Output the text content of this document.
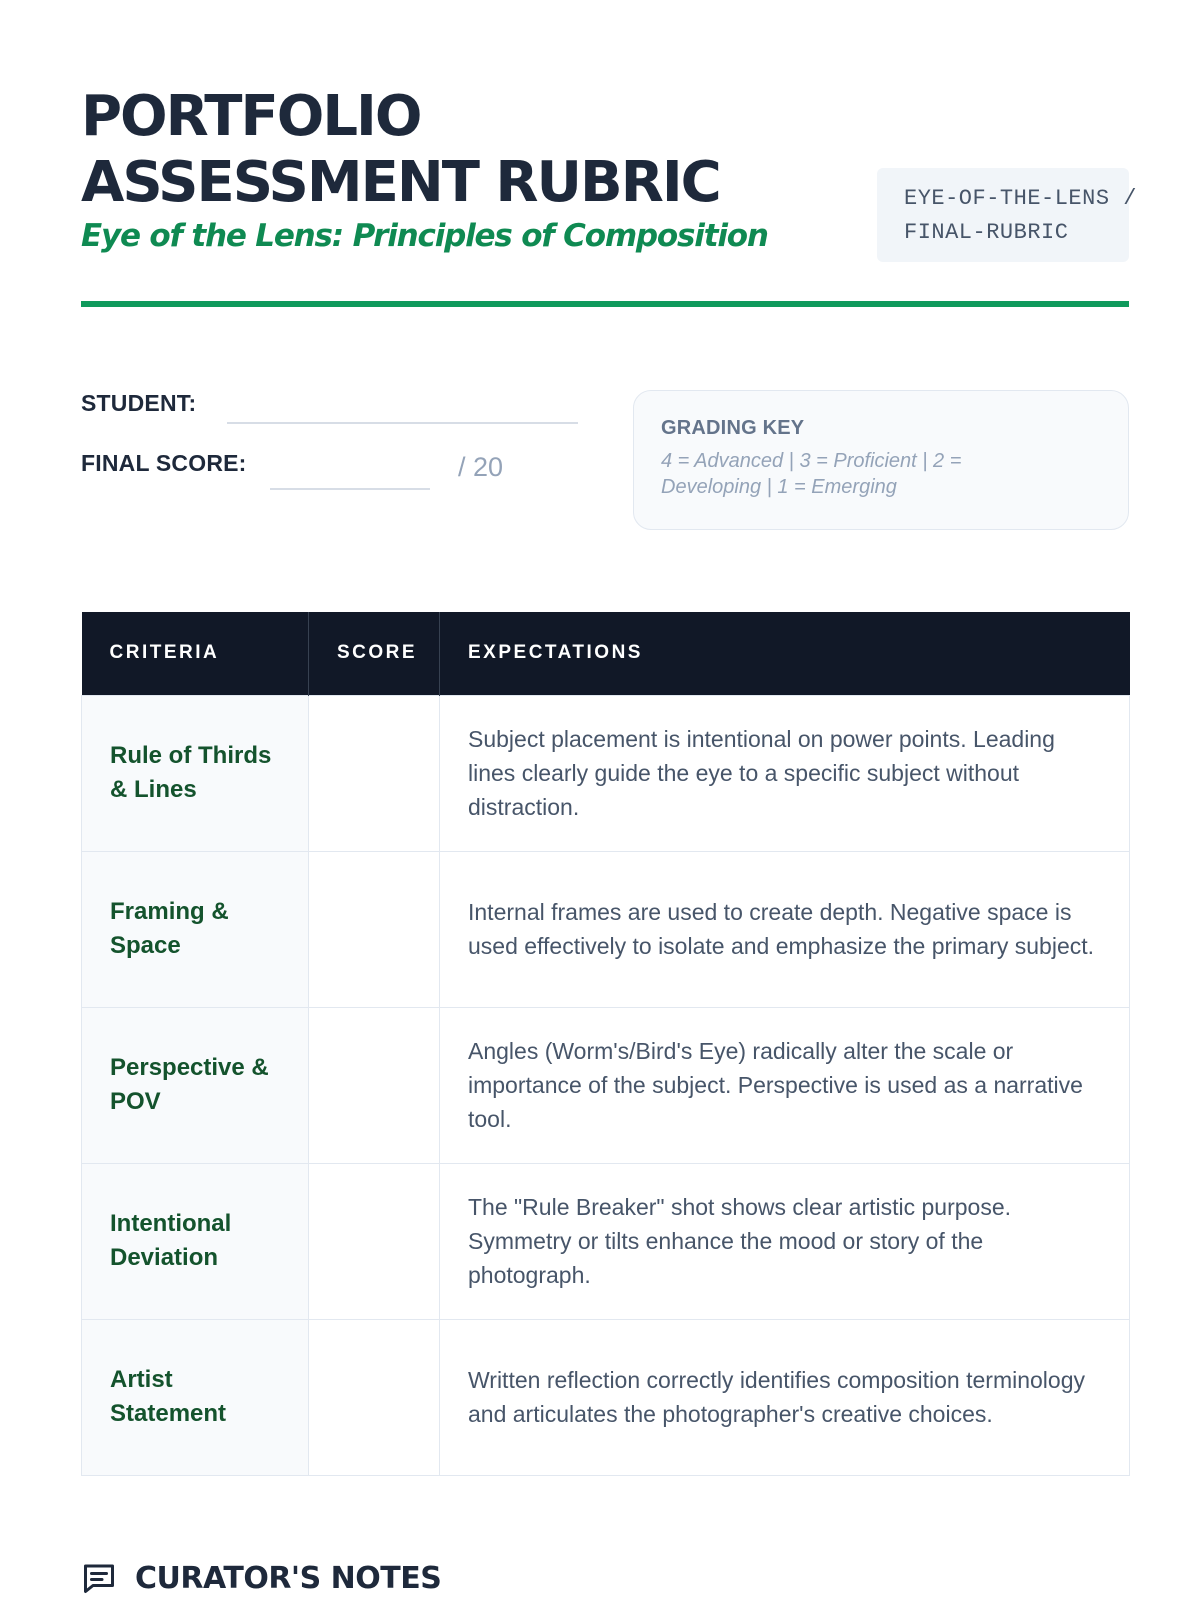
PORTFOLIO
ASSESSMENT RUBRIC
Eye of the Lens: Principles of Composition
EYE-OF-THE-LENS /
FINAL-RUBRIC
STUDENT:
FINAL SCORE:	/ 20
GRADING KEY
4 = Advanced | 3 = Proficient | 2 = Developing | 1 = Emerging
CRITERIA	SCORE	EXPECTATIONS
Rule of Thirds & Lines		Subject placement is intentional on power points. Leading lines clearly guide the eye to a specific subject without distraction.
Framing & Space		Internal frames are used to create depth. Negative space is used effectively to isolate and emphasize the primary subject.
Perspective & POV		Angles (Worm's/Bird's Eye) radically alter the scale or importance of the subject. Perspective is used as a narrative tool.
Intentional Deviation		The "Rule Breaker" shot shows clear artistic purpose. Symmetry or tilts enhance the mood or story of the photograph.
Artist Statement		Written reflection correctly identifies composition terminology and articulates the photographer's creative choices.
CURATOR'S NOTES
